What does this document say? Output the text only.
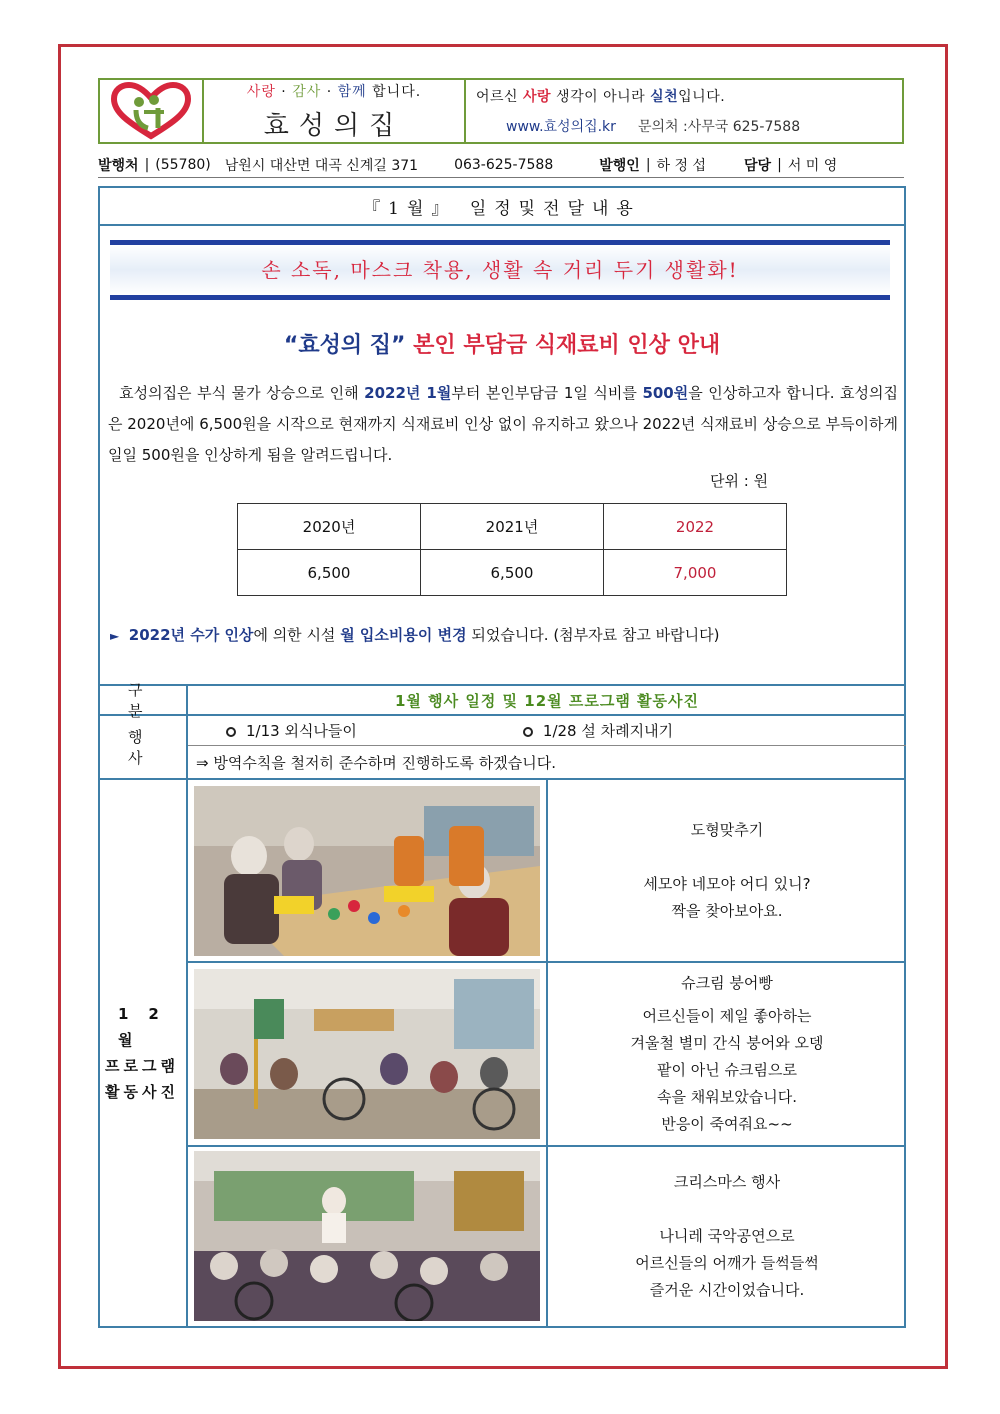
사랑 · 감사 · 함께 합니다.
효성의집
어르신 사랑 생각이 아니라 실천입니다.
www.효성의집.kr 문의처 :사무국 625-7588
발행처 | (55780) 남원시 대산면 대곡 신계길 371	063-625-7588	발행인 | 하 정 섭	담당 | 서 미 영
『1월』 일정및전달내용
손 소독, 마스크 착용, 생활 속 거리 두기 생활화!
“효성의 집” 본인 부담금 식재료비 인상 안내
효성의집은 부식 물가 상승으로 인해 2022년 1월부터 본인부담금 1일 식비를 500원을 인상하고자 합니다. 효성의집은 2020년에 6,500원을 시작으로 현재까지 식재료비 인상 없이 유지하고 왔으나 2022년 식재료비 상승으로 부득이하게 일일 500원을 인상하게 됨을 알려드립니다.
단위 : 원
2020년	2021년	2022
6,500	6,500	7,000
► 2022년 수가 인상에 의한 시설 월 입소비용이 변경 되었습니다. (첨부자료 참고 바랍니다)
구분
1월 행사 일정 및 12월 프로그램 활동사진
행사
1/13 외식나들이	1/28 설 차례지내기
⇒ 방역수칙을 철저히 준수하며 진행하도록 하겠습니다.
12월
프로그램
활동사진
도형맞추기
세모야 네모야 어디 있니?
짝을 찾아보아요.
슈크림 붕어빵
어르신들이 제일 좋아하는
겨울철 별미 간식 붕어와 오뎅
팥이 아닌 슈크림으로
속을 채워보았습니다.
반응이 죽여줘요~~
크리스마스 행사
나니레 국악공연으로
어르신들의 어깨가 들썩들썩
즐거운 시간이었습니다.
